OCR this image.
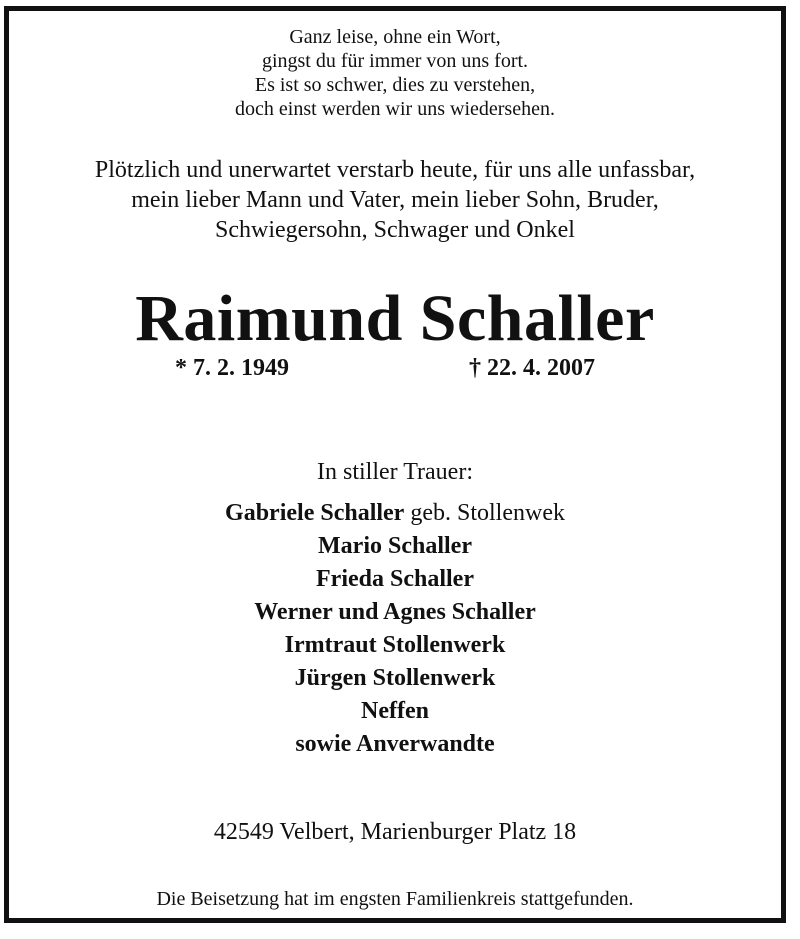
Ganz leise, ohne ein Wort,
gingst du für immer von uns fort.
Es ist so schwer, dies zu verstehen,
doch einst werden wir uns wiedersehen.
Plötzlich und unerwartet verstarb heute, für uns alle unfassbar,
mein lieber Mann und Vater, mein lieber Sohn, Bruder,
Schwiegersohn, Schwager und Onkel
Raimund Schaller
* 7. 2. 1949	† 22. 4. 2007
In stiller Trauer:
Gabriele Schaller geb. Stollenwek
Mario Schaller
Frieda Schaller
Werner und Agnes Schaller
Irmtraut Stollenwerk
Jürgen Stollenwerk
Neffen
sowie Anverwandte
42549 Velbert, Marienburger Platz 18
Die Beisetzung hat im engsten Familienkreis stattgefunden.
